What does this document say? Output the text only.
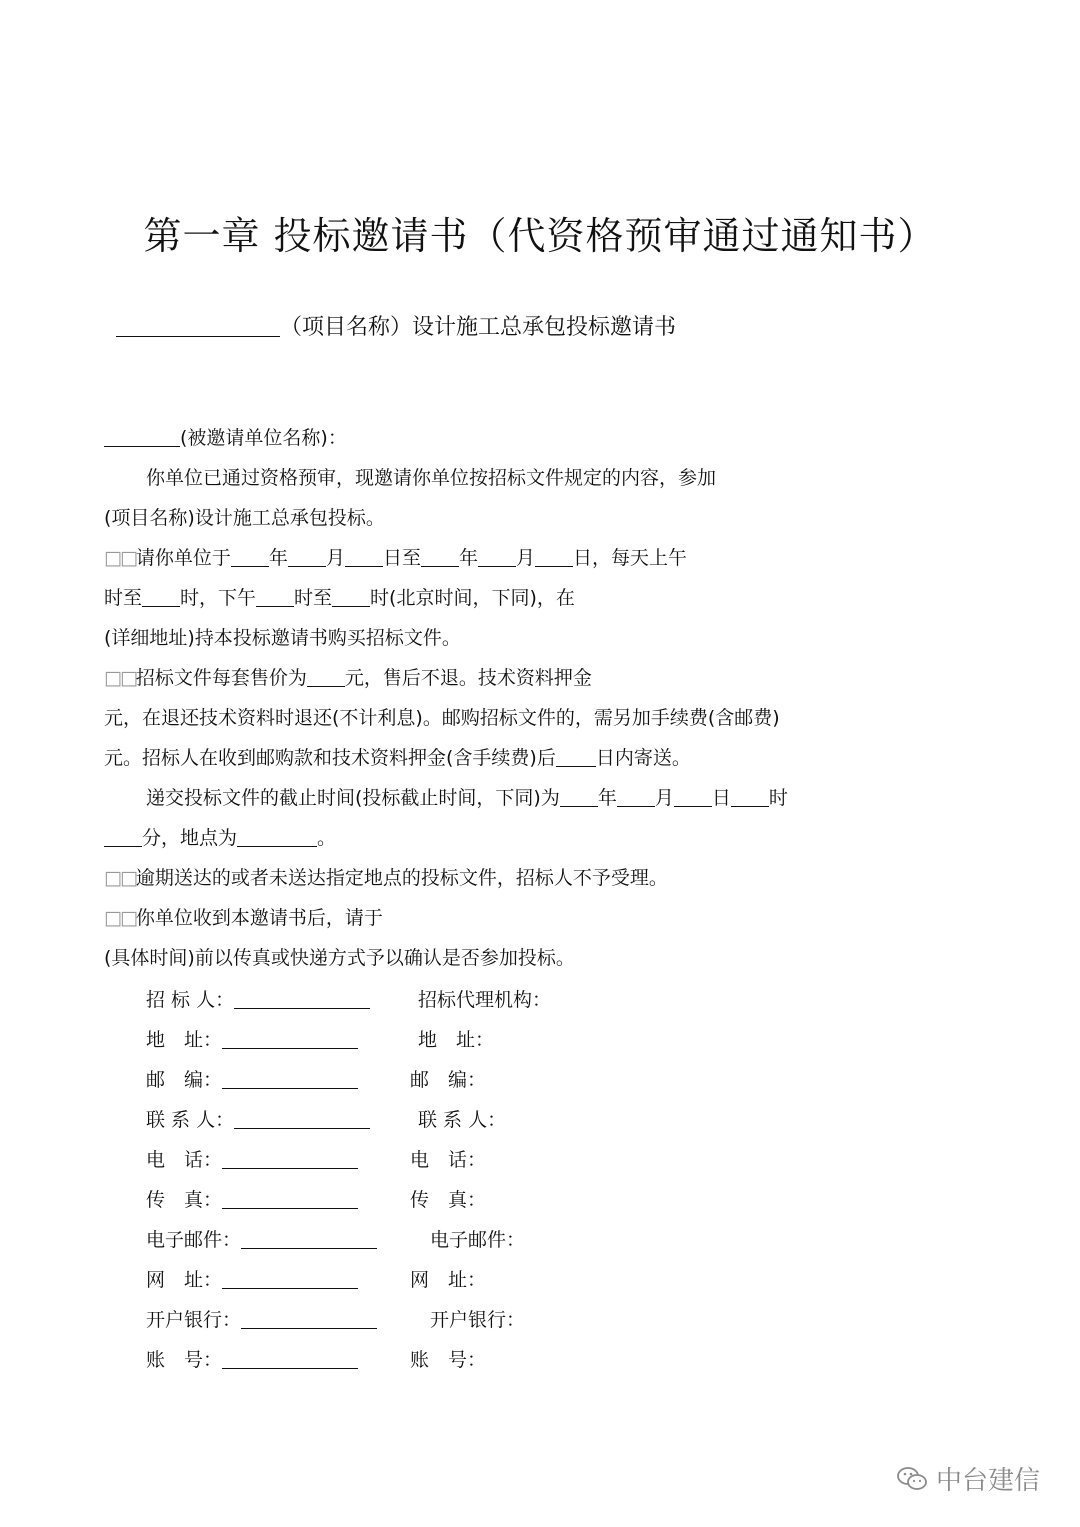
第一章 投标邀请书（代资格预审通过通知书）
（项目名称）设计施工总承包投标邀请书
(被邀请单位名称)：
你单位已通过资格预审，现邀请你单位按招标文件规定的内容，参加
(项目名称)设计施工总承包投标。
□□请你单位于 年 月 日至 年 月 日，每天上午
时至 时，下午 时至 时(北京时间，下同)，在
(详细地址)持本投标邀请书购买招标文件。
□□招标文件每套售价为 元，售后不退。技术资料押金
元，在退还技术资料时退还(不计利息)。邮购招标文件的，需另加手续费(含邮费)
元。招标人在收到邮购款和技术资料押金(含手续费)后 日内寄送。
递交投标文件的截止时间(投标截止时间，下同)为 年 月 日 时
分，地点为	。
□□逾期送达的或者未送达指定地点的投标文件，招标人不予受理。
□□你单位收到本邀请书后，请于
(具体时间)前以传真或快递方式予以确认是否参加投标。
招 标 人：
地　址：
邮　编：
联 系 人：
电　话：
传　真：
电子邮件：
网　址：
开户银行：
账　号：
招标代理机构：
地　址：
邮　编：
联 系 人：
电　话：
传　真：
电子邮件：
网　址：
开户银行：
账　号：
中台建信
